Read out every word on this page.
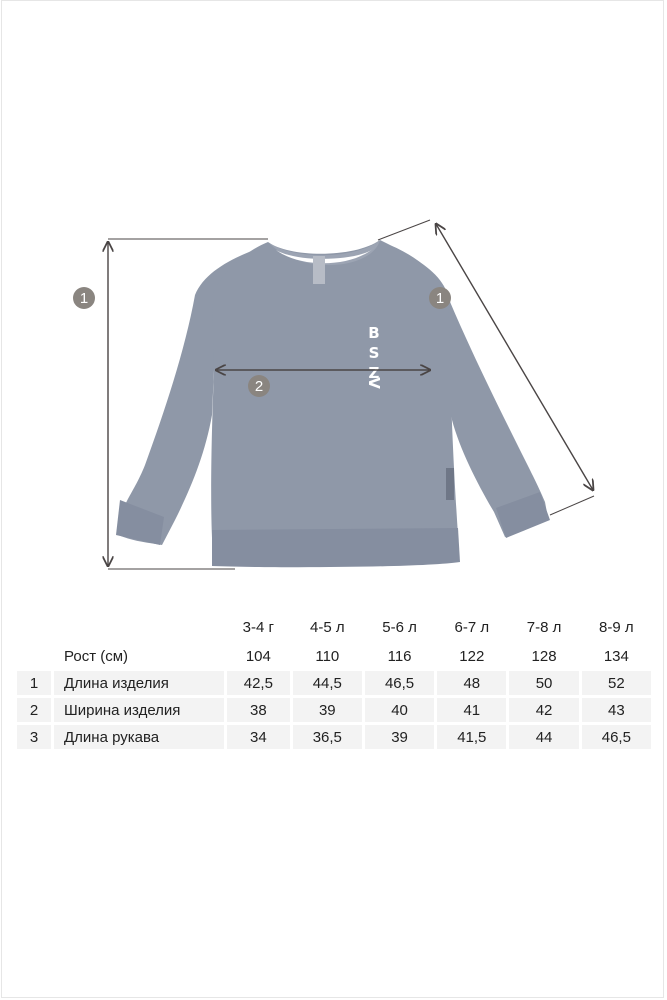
B
S
Z
V
1	1
2
		3-4 г	4-5 л	5-6 л	6-7 л	7-8 л	8-9 л
	Рост (см)	104	110	116	122	128	134
1	Длина изделия	42,5	44,5	46,5	48	50	52
2	Ширина изделия	38	39	40	41	42	43
3	Длина рукава	34	36,5	39	41,5	44	46,5
